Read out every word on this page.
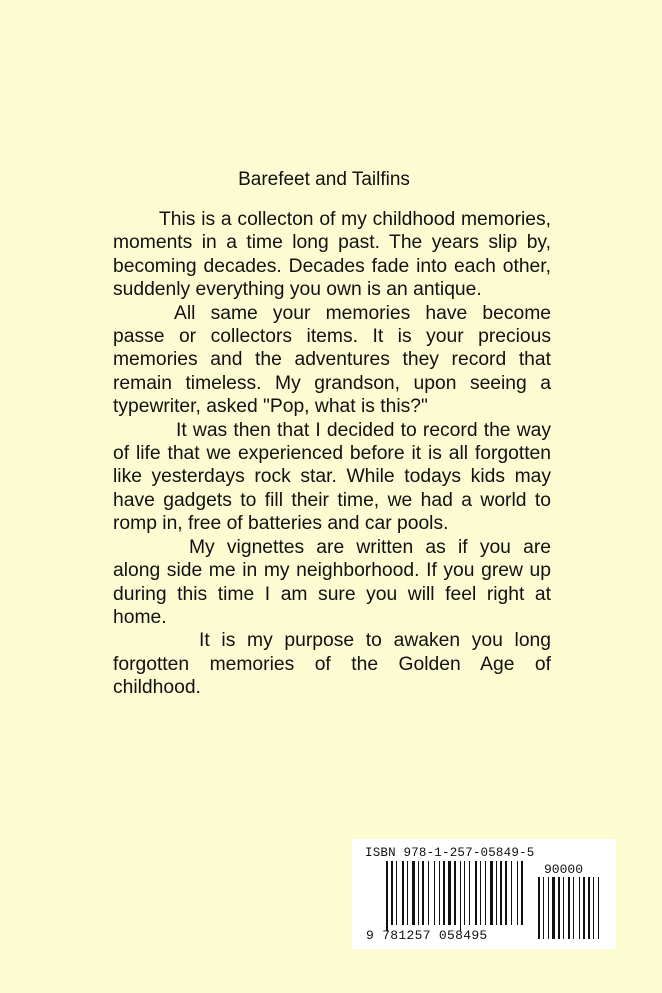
Barefeet and Tailfins

This is a collecton of my childhood memories, moments in a time long past. The years slip by, becoming decades. Decades fade into each other, suddenly everything you own is an antique.

All same your memories have become passe or collectors items. It is your precious memories and the adventures they record that remain timeless. My grandson, upon seeing a typewriter, asked "Pop, what is this?"

It was then that I decided to record the way of life that we experienced before it is all forgotten like yesterdays rock star. While todays kids may have gadgets to fill their time, we had a world to romp in, free of batteries and car pools.

My vignettes are written as if you are along side me in my neighborhood. If you grew up during this time I am sure you will feel right at home.

It is my purpose to awaken you long forgotten memories of the Golden Age of childhood.

ISBN 978-1-257-05849-5
90000
9 781257 058495
